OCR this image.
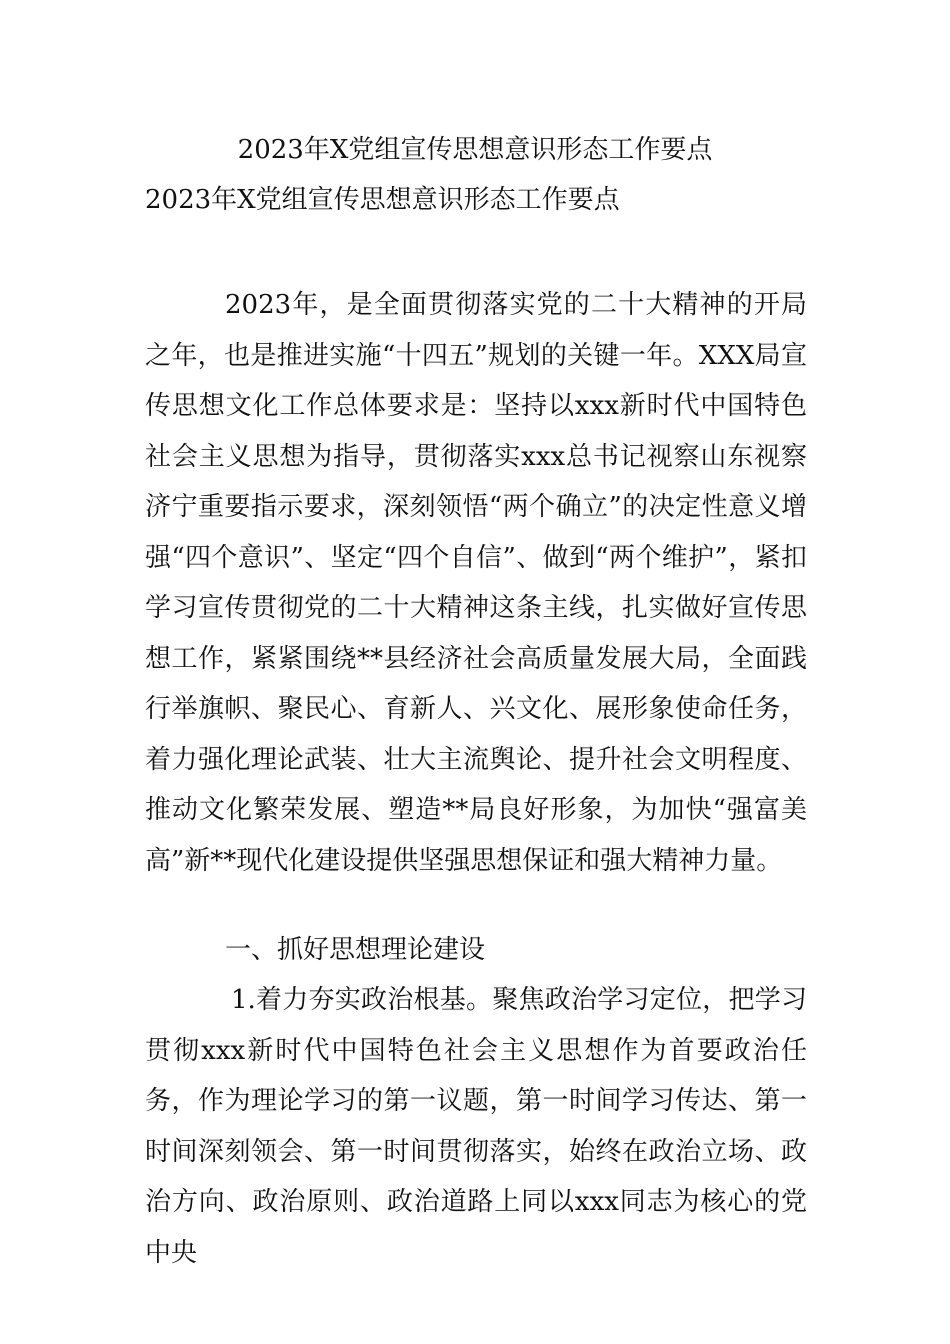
2023年X党组宣传思想意识形态工作要点
2023年X党组宣传思想意识形态工作要点

2023年，是全面贯彻落实党的二十大精神的开局之年，也是推进实施“十四五”规划的关键一年。XXX局宣传思想文化工作总体要求是：坚持以xxx新时代中国特色社会主义思想为指导，贯彻落实xxx总书记视察山东视察济宁重要指示要求，深刻领悟“两个确立”的决定性意义增强“四个意识”、坚定“四个自信”、做到“两个维护”，紧扣学习宣传贯彻党的二十大精神这条主线，扎实做好宣传思想工作，紧紧围绕**县经济社会高质量发展大局，全面践行举旗帜、聚民心、育新人、兴文化、展形象使命任务，着力强化理论武装、壮大主流舆论、提升社会文明程度、推动文化繁荣发展、塑造**局良好形象，为加快“强富美高”新**现代化建设提供坚强思想保证和强大精神力量。

一、抓好思想理论建设

1.着力夯实政治根基。聚焦政治学习定位，把学习贯彻xxx新时代中国特色社会主义思想作为首要政治任务，作为理论学习的第一议题，第一时间学习传达、第一时间深刻领会、第一时间贯彻落实，始终在政治立场、政治方向、政治原则、政治道路上同以xxx同志为核心的党中央
